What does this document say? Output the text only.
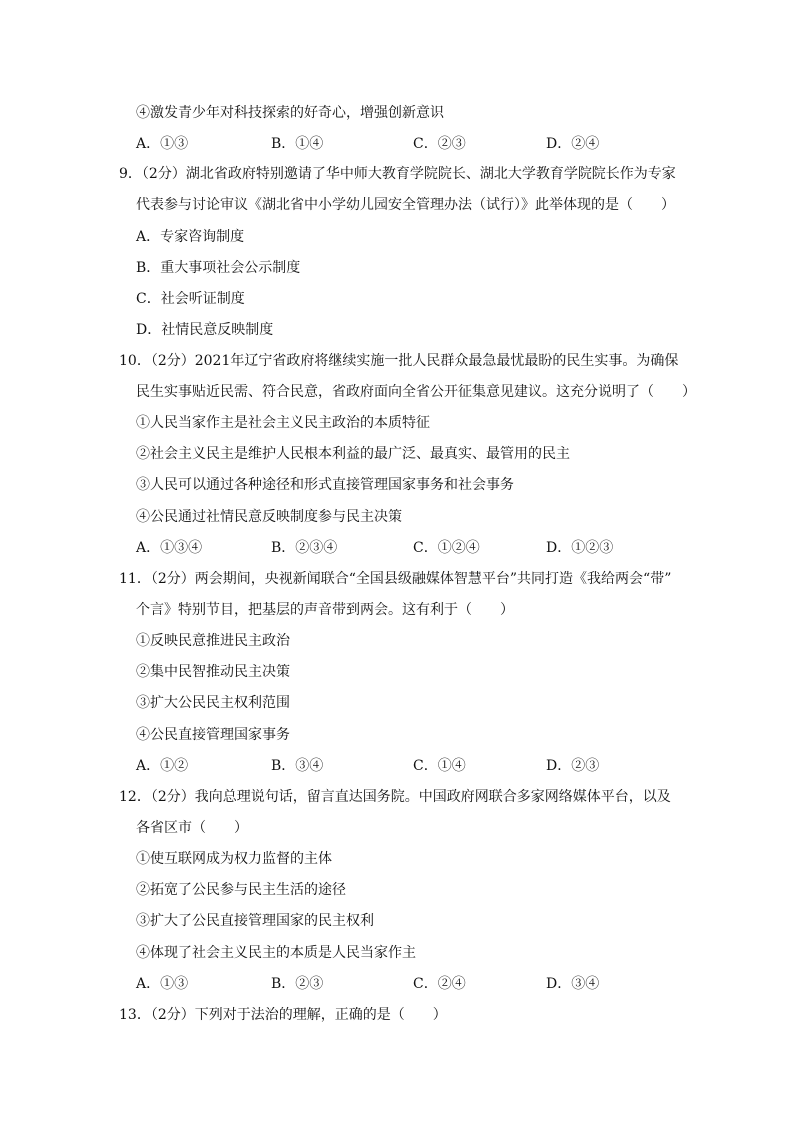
④激发青少年对科技探索的好奇心，增强创新意识
A．①③	B．①④	C．②③	D．②④
9．（2分）湖北省政府特别邀请了华中师大教育学院院长、湖北大学教育学院院长作为专家
代表参与讨论审议《湖北省中小学幼儿园安全管理办法（试行）》此举体现的是（　　）
A．专家咨询制度
B．重大事项社会公示制度
C．社会听证制度
D．社情民意反映制度
10．（2分）2021年辽宁省政府将继续实施一批人民群众最急最忧最盼的民生实事。为确保
民生实事贴近民需、符合民意，省政府面向全省公开征集意见建议。这充分说明了（　　）
①人民当家作主是社会主义民主政治的本质特征
②社会主义民主是维护人民根本利益的最广泛、最真实、最管用的民主
③人民可以通过各种途径和形式直接管理国家事务和社会事务
④公民通过社情民意反映制度参与民主决策
A．①③④	B．②③④	C．①②④	D．①②③
11．（2分）两会期间，央视新闻联合“全国县级融媒体智慧平台”共同打造《我给两会“带”
个言》特别节目，把基层的声音带到两会。这有利于（　　）
①反映民意推进民主政治
②集中民智推动民主决策
③扩大公民民主权利范围
④公民直接管理国家事务
A．①②	B．③④	C．①④	D．②③
12．（2分）我向总理说句话，留言直达国务院。中国政府网联合多家网络媒体平台，以及
各省区市（　　）
①使互联网成为权力监督的主体
②拓宽了公民参与民主生活的途径
③扩大了公民直接管理国家的民主权利
④体现了社会主义民主的本质是人民当家作主
A．①③	B．②③	C．②④	D．③④
13．（2分）下列对于法治的理解，正确的是（　　）
